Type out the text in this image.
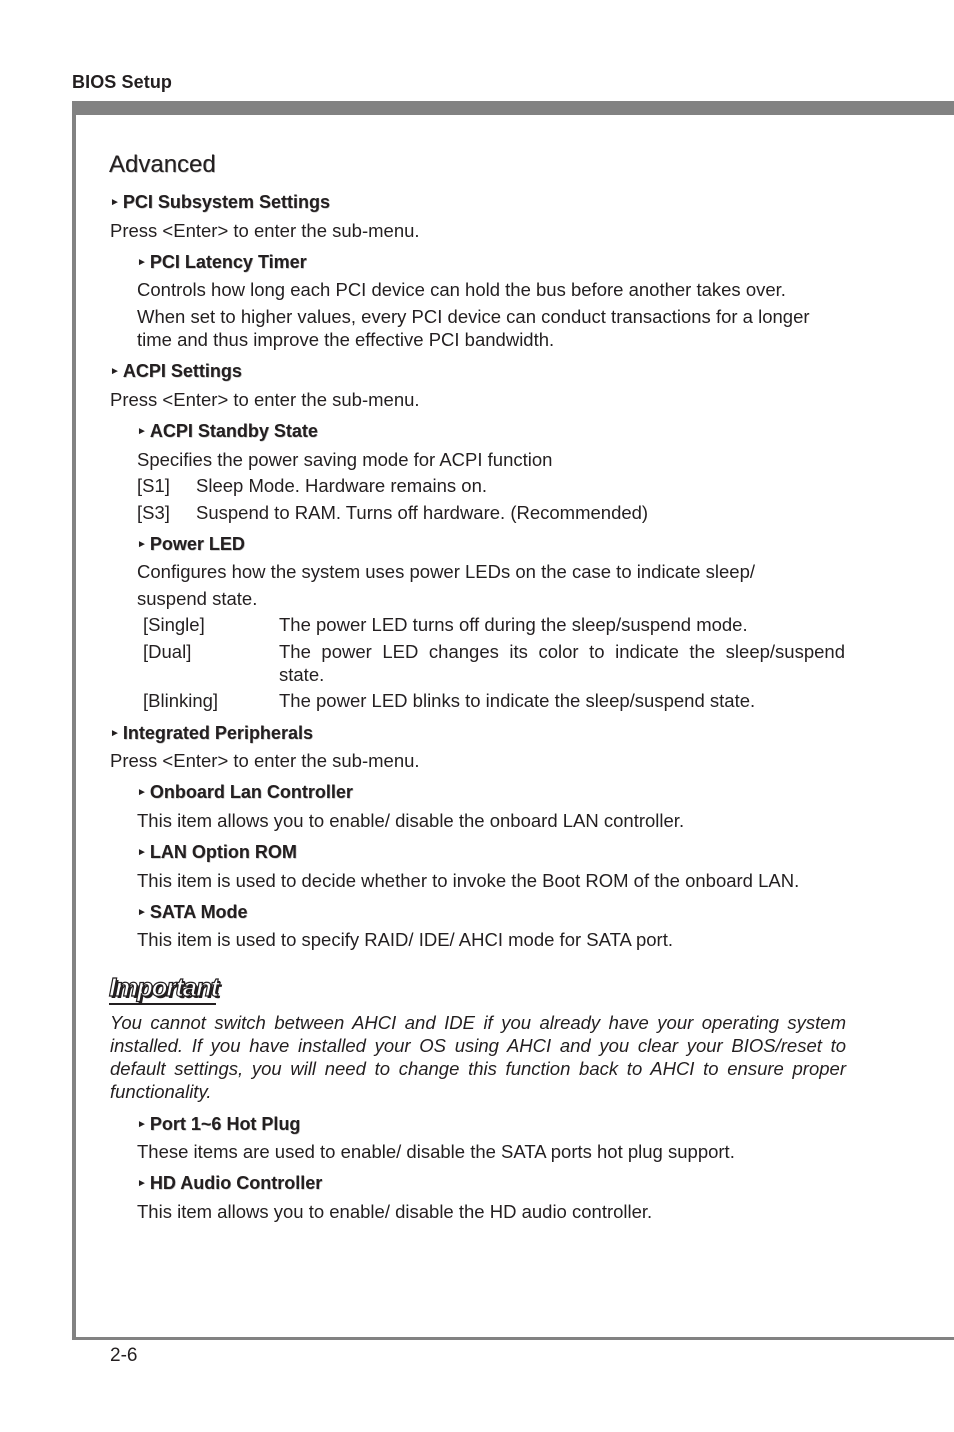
BIOS Setup
Advanced
► PCI Subsystem Settings

Press <Enter> to enter the sub-menu.

► PCI Latency Timer

Controls how long each PCI device can hold the bus before another takes over.

When set to higher values, every PCI device can conduct transactions for a longer time and thus improve the effective PCI bandwidth.

► ACPI Settings

Press <Enter> to enter the sub-menu.

► ACPI Standby State

Specifies the power saving mode for ACPI function

[S1] Sleep Mode. Hardware remains on.
[S3] Suspend to RAM. Turns off hardware. (Recommended)
► Power LED

Configures how the system uses power LEDs on the case to indicate sleep/

suspend state.

[Single]	The power LED turns off during the sleep/suspend mode.
[Dual]	The power LED changes its color to indicate the sleep/suspend state.
[Blinking]	The power LED blinks to indicate the sleep/suspend state.
► Integrated Peripherals

Press <Enter> to enter the sub-menu.

► Onboard Lan Controller

This item allows you to enable/ disable the onboard LAN controller.

► LAN Option ROM

This item is used to decide whether to invoke the Boot ROM of the onboard LAN.

► SATA Mode

This item is used to specify RAID/ IDE/ AHCI mode for SATA port.

Important

You cannot switch between AHCI and IDE if you already have your operating system installed. If you have installed your OS using AHCI and you clear your BIOS/reset to default settings, you will need to change this function back to AHCI to ensure proper functionality.

► Port 1~6 Hot Plug

These items are used to enable/ disable the SATA ports hot plug support.

► HD Audio Controller

This item allows you to enable/ disable the HD audio controller.

2-6
